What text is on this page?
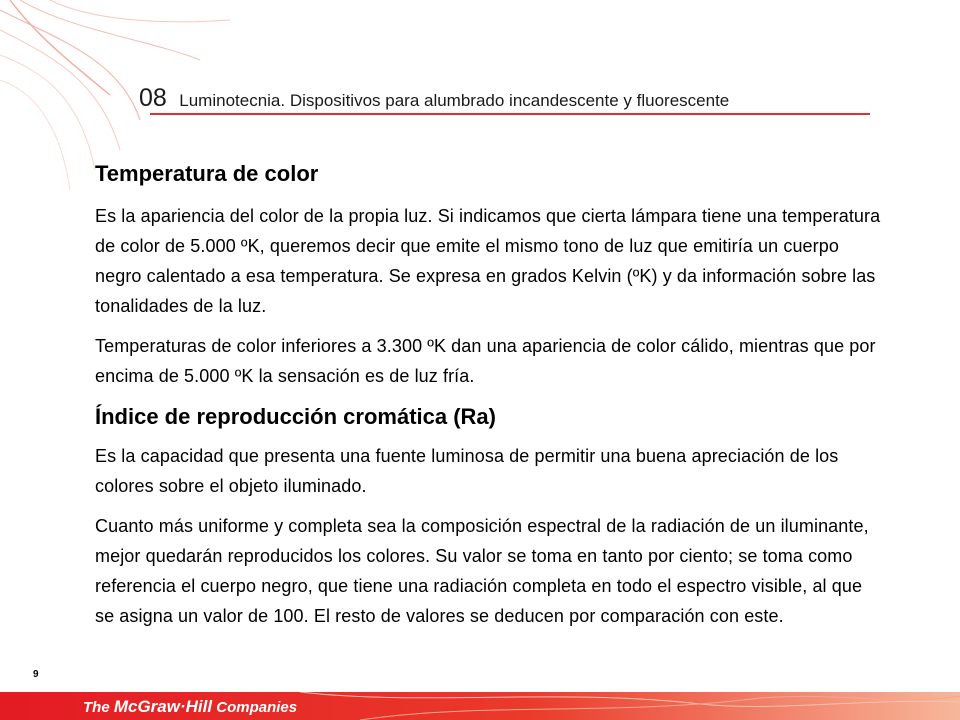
08 Luminotecnia. Dispositivos para alumbrado incandescente y fluorescente
Temperatura de color

Es la apariencia del color de la propia luz. Si indicamos que cierta lámpara tiene una temperatura de color de 5.000 ºK, queremos decir que emite el mismo tono de luz que emitiría un cuerpo negro calentado a esa temperatura. Se expresa en grados Kelvin (ºK) y da información sobre las tonalidades de la luz.

Temperaturas de color inferiores a 3.300 ºK dan una apariencia de color cálido, mientras que por encima de 5.000 ºK la sensación es de luz fría.

Índice de reproducción cromática (Ra)

Es la capacidad que presenta una fuente luminosa de permitir una buena apreciación de los colores sobre el objeto iluminado.

Cuanto más uniforme y completa sea la composición espectral de la radiación de un iluminante, mejor quedarán reproducidos los colores. Su valor se toma en tanto por ciento; se toma como referencia el cuerpo negro, que tiene una radiación completa en todo el espectro visible, al que se asigna un valor de 100. El resto de valores se deducen por comparación con este.

9
The McGraw·Hill Companies
